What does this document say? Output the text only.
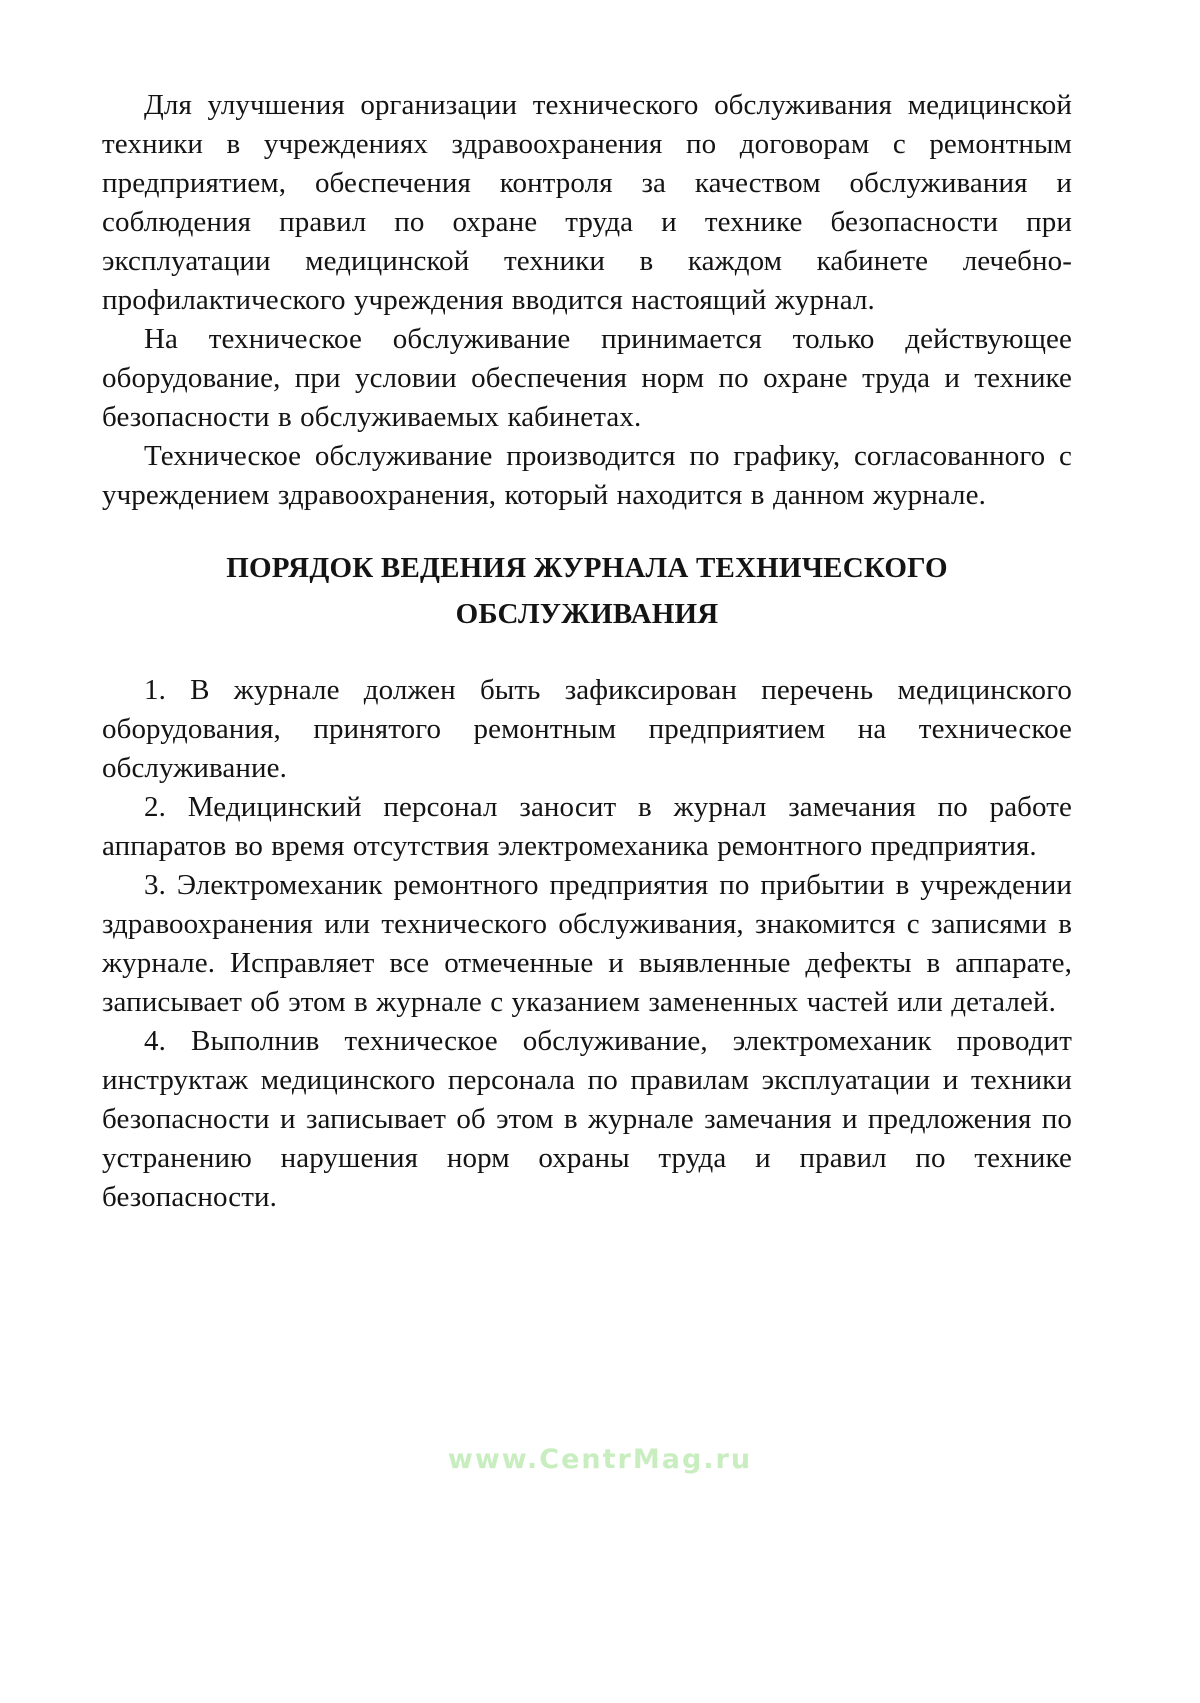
Для улучшения организации технического обслуживания медицинской техники в учреждениях здравоохранения по договорам с ремонтным предприятием, обеспечения контроля за качеством обслуживания и соблюдения правил по охране труда и технике безопасности при эксплуатации медицинской техники в каждом кабинете лечебно-профилактического учреждения вводится настоящий журнал.

На техническое обслуживание принимается только действующее оборудование, при условии обеспечения норм по охране труда и технике безопасности в обслуживаемых кабинетах.

Техническое обслуживание производится по графику, согласованного с учреждением здравоохранения, который находится в данном журнале.

ПОРЯДОК ВЕДЕНИЯ ЖУРНАЛА ТЕХНИЧЕСКОГО ОБСЛУЖИВАНИЯ

1. В журнале должен быть зафиксирован перечень медицинского оборудования, принятого ремонтным предприятием на техническое обслуживание.

2. Медицинский персонал заносит в журнал замечания по работе аппаратов во время отсутствия электромеханика ремонтного предприятия.

3. Электромеханик ремонтного предприятия по прибытии в учреждении здравоохранения или технического обслуживания, знакомится с записями в журнале. Исправляет все отмеченные и выявленные дефекты в аппарате, записывает об этом в журнале с указанием замененных частей или деталей.

4. Выполнив техническое обслуживание, электромеханик проводит инструктаж медицинского персонала по правилам эксплуатации и техники безопасности и записывает об этом в журнале замечания и предложения по устранению нарушения норм охраны труда и правил по технике безопасности.

www.CentrMag.ru
